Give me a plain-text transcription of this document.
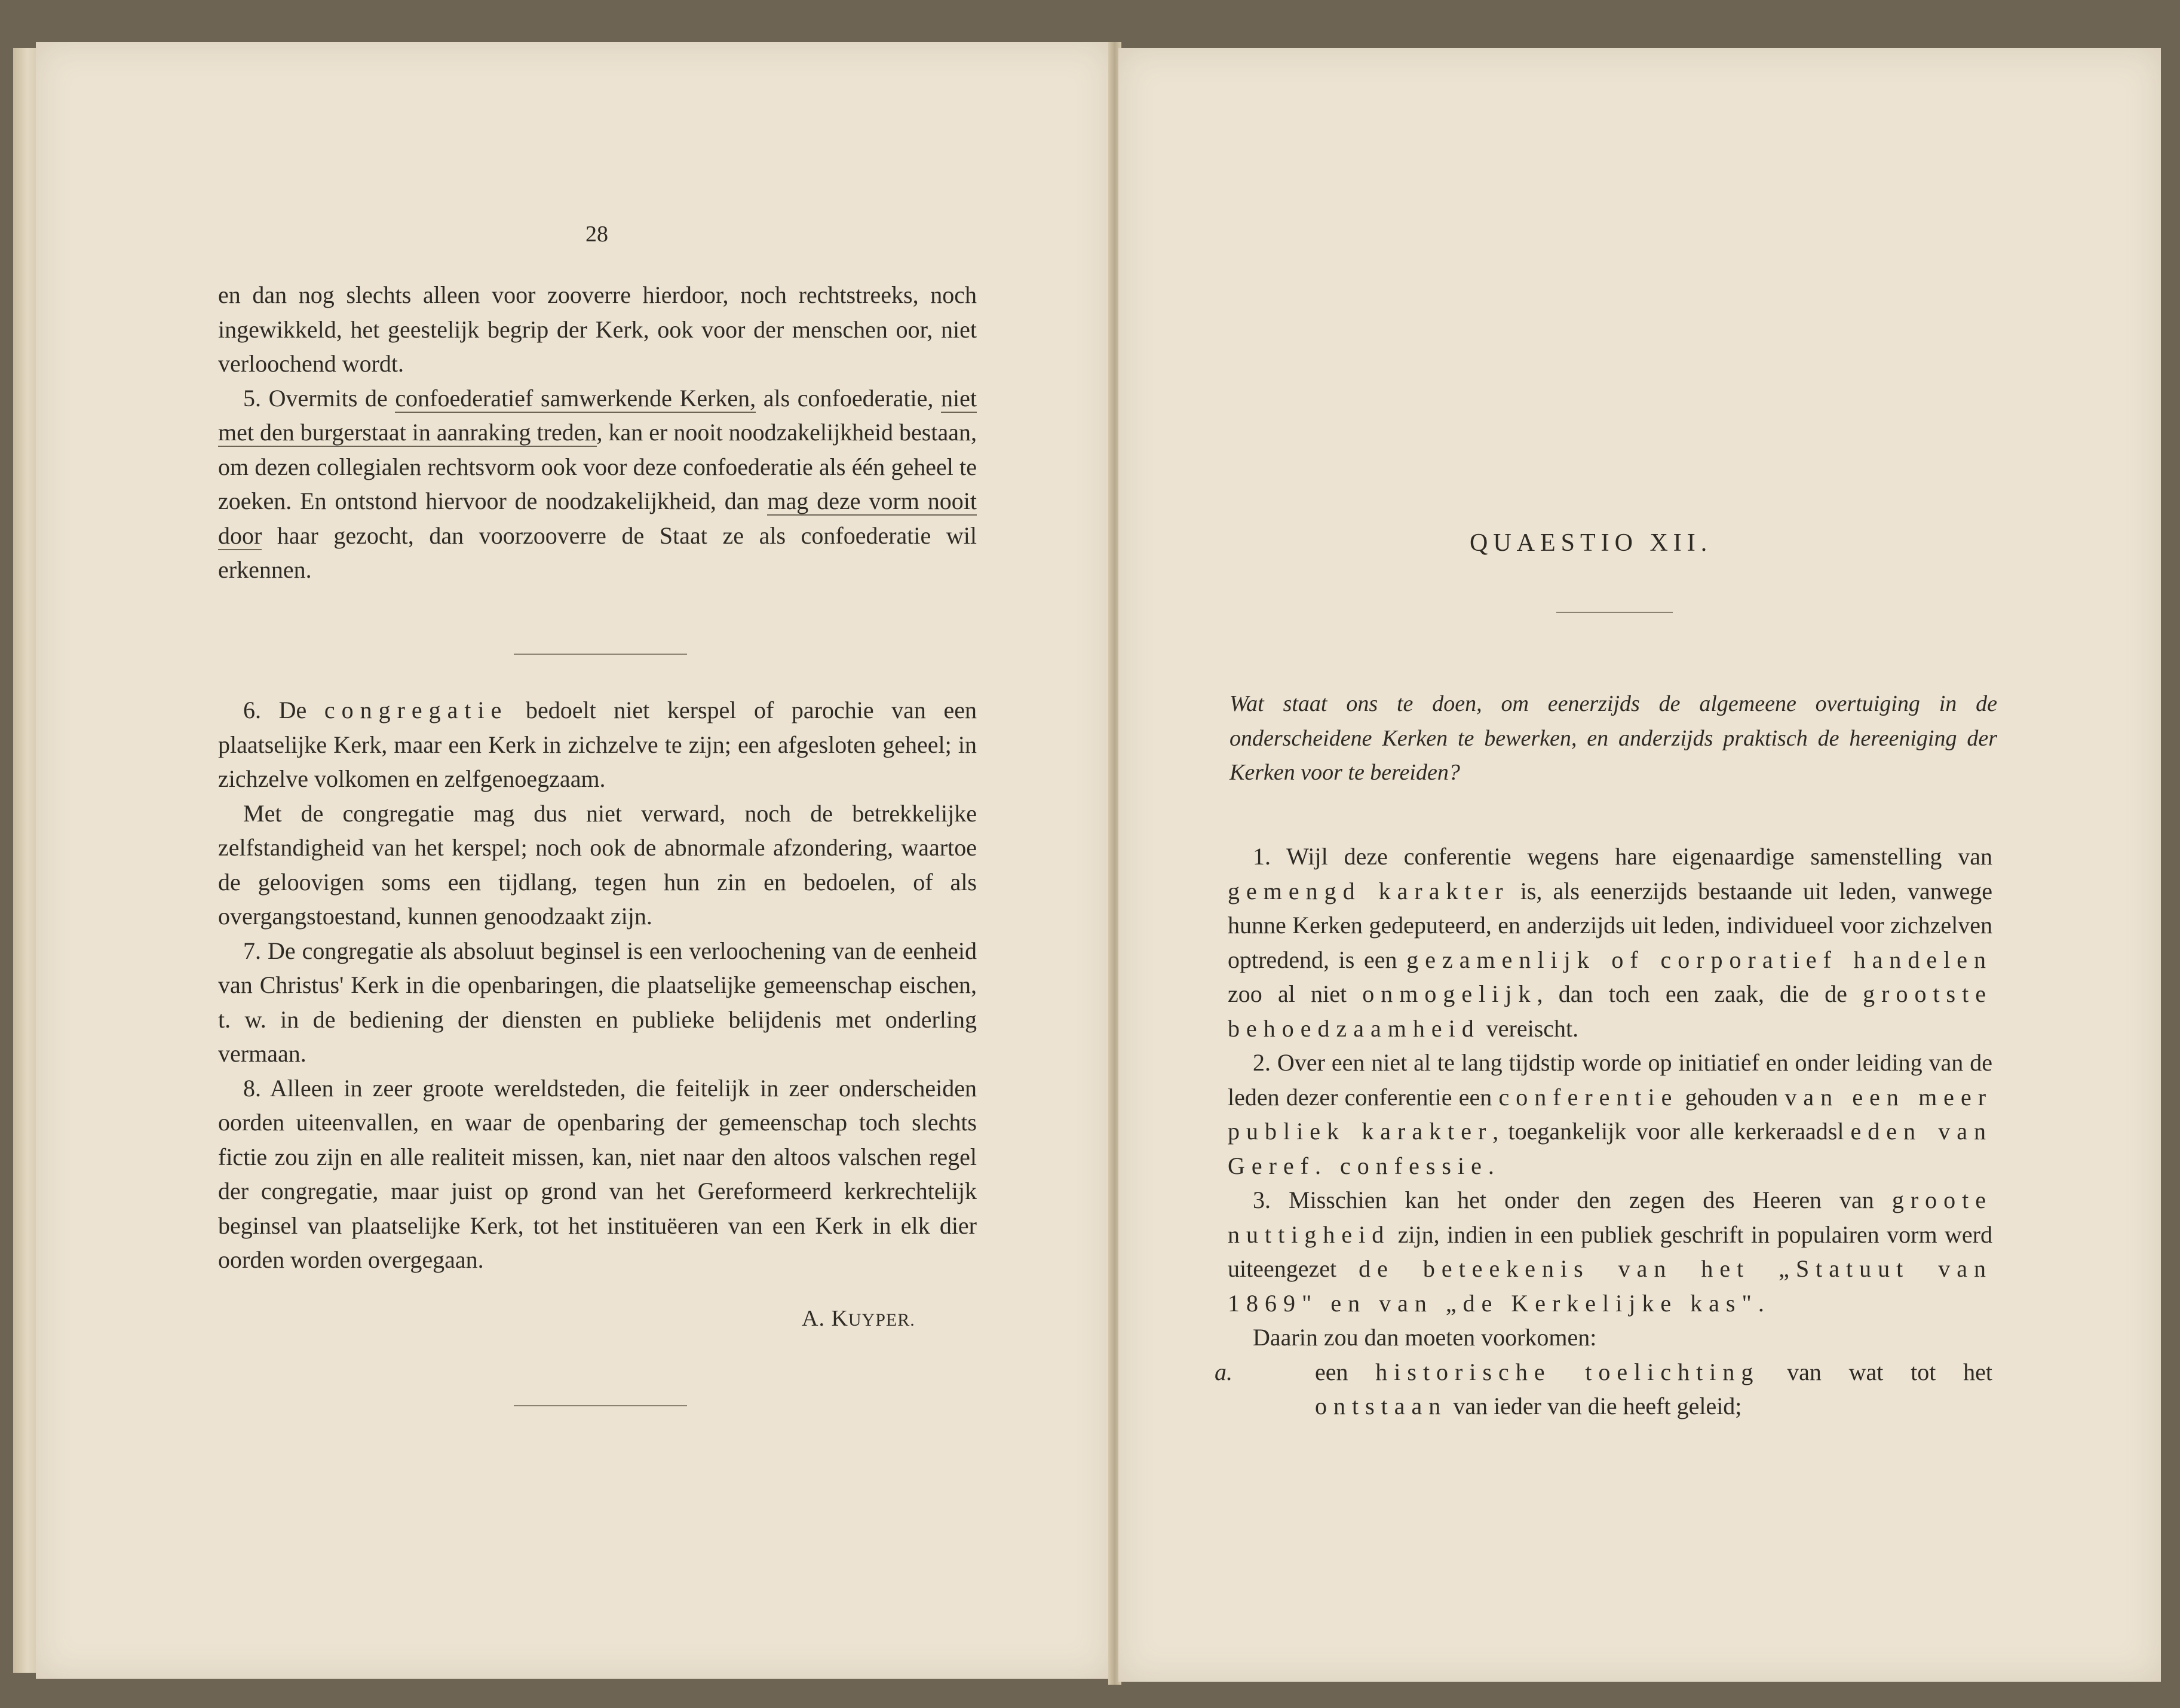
28

en dan nog slechts alleen voor zooverre hierdoor, noch rechtstreeks, noch ingewikkeld, het geestelijk begrip der Kerk, ook voor der menschen oor, niet verloochend wordt.

5. Overmits de confoederatief samwerkende Kerken, als confoederatie, niet met den burgerstaat in aanraking treden, kan er nooit noodzakelijkheid bestaan, om dezen collegialen rechtsvorm ook voor deze confoederatie als één geheel te zoeken. En ontstond hiervoor de noodzakelijkheid, dan mag deze vorm nooit door haar gezocht, dan voorzooverre de Staat ze als confoederatie wil erkennen.

6. De congregatie bedoelt niet kerspel of parochie van een plaatselijke Kerk, maar een Kerk in zichzelve te zijn; een afgesloten geheel; in zichzelve volkomen en zelfgenoegzaam.

Met de congregatie mag dus niet verward, noch de betrekkelijke zelfstandigheid van het kerspel; noch ook de abnormale afzondering, waartoe de geloovigen soms een tijdlang, tegen hun zin en bedoelen, of als overgangstoestand, kunnen genoodzaakt zijn.

7. De congregatie als absoluut beginsel is een verloochening van de eenheid van Christus' Kerk in die openbaringen, die plaatselijke gemeenschap eischen, t. w. in de bediening der diensten en publieke belijdenis met onderling vermaan.

8. Alleen in zeer groote wereldsteden, die feitelijk in zeer onderscheiden oorden uiteenvallen, en waar de openbaring der gemeenschap toch slechts fictie zou zijn en alle realiteit missen, kan, niet naar den altoos valschen regel der congregatie, maar juist op grond van het Gereformeerd kerkrechtelijk beginsel van plaatselijke Kerk, tot het instituëeren van een Kerk in elk dier oorden worden overgegaan.

A. KUYPER.
QUAESTIO XII.
Wat staat ons te doen, om eenerzijds de algemeene overtuiging in de onderscheidene Kerken te bewerken, en anderzijds praktisch de hereeniging der Kerken voor te bereiden?

1. Wijl deze conferentie wegens hare eigenaardige samenstelling van gemengd karakter is, als eenerzijds bestaande uit leden, vanwege hunne Kerken gedeputeerd, en anderzijds uit leden, individueel voor zichzelven optredend, is een gezamenlijk of corporatief handelen zoo al niet onmogelijk, dan toch een zaak, die de grootste behoedzaamheid vereischt.

2. Over een niet al te lang tijdstip worde op initiatief en onder leiding van de leden dezer conferentie een conferentie gehouden van een meer publiek karakter, toegankelijk voor alle kerkeraadsleden van Geref. confessie.

3. Misschien kan het onder den zegen des Heeren van groote nuttigheid zijn, indien in een publiek geschrift in populairen vorm werd uiteengezet de beteekenis van het „Statuut van 1869" en van „de Kerkelijke kas".

Daarin zou dan moeten voorkomen:

a.	een historische toelichting van wat tot het ontstaan van ieder van die heeft geleid;
